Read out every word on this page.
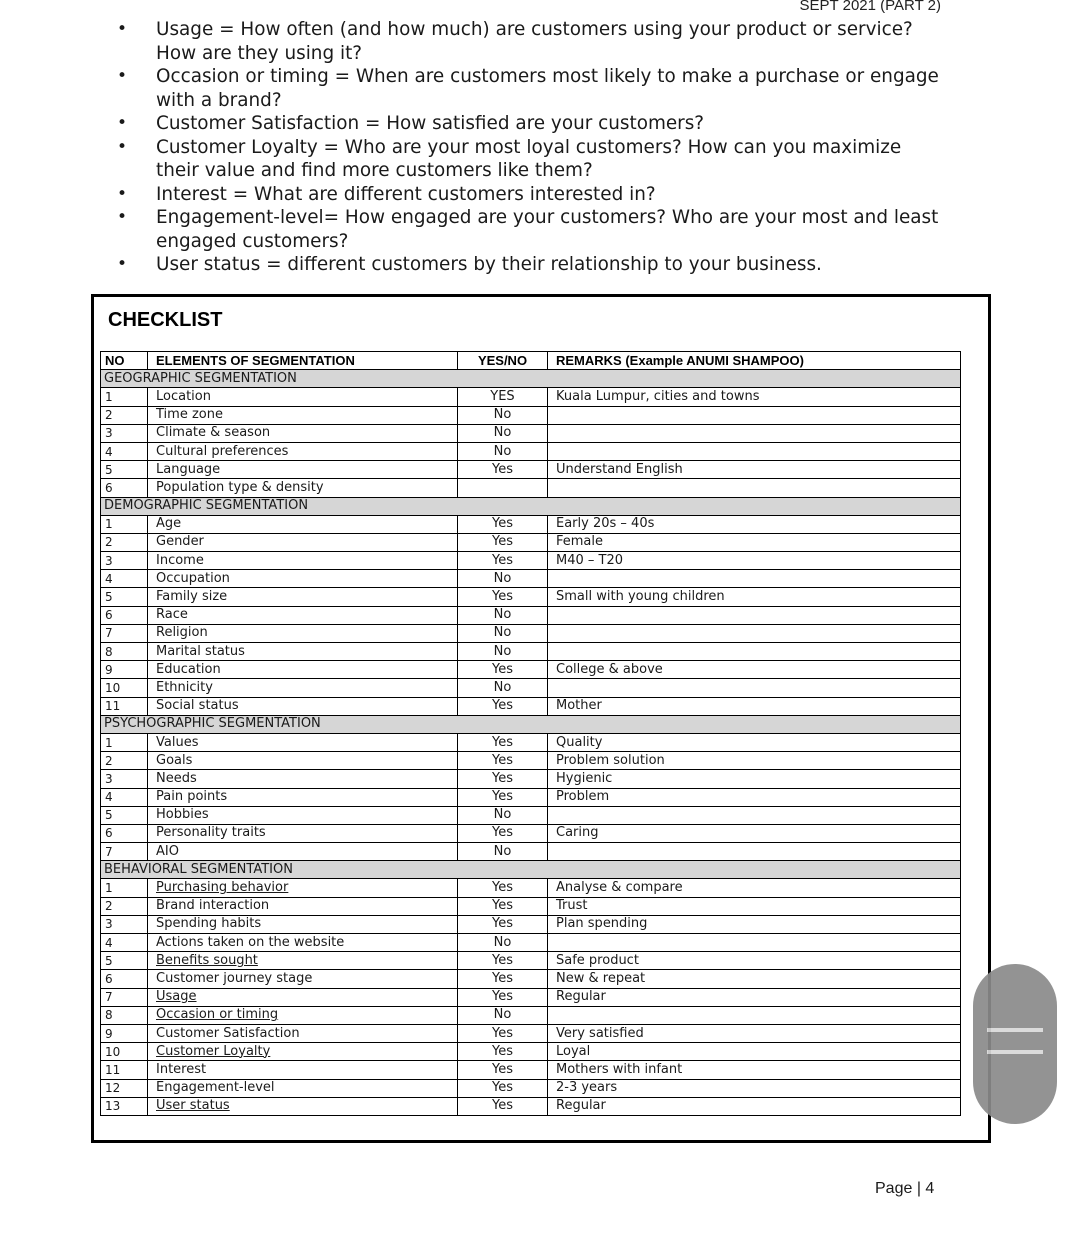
SEPT 2021 (PART 2)
• Usage = How often (and how much) are customers using your product or service? How are they using it?
• Occasion or timing = When are customers most likely to make a purchase or engage with a brand?
• Customer Satisfaction = How satisfied are your customers?
• Customer Loyalty = Who are your most loyal customers? How can you maximize their value and find more customers like them?
• Interest = What are different customers interested in?
• Engagement-level= How engaged are your customers? Who are your most and least engaged customers?
• User status = different customers by their relationship to your business.
CHECKLIST
NO	ELEMENTS OF SEGMENTATION	YES/NO	REMARKS (Example ANUMI SHAMPOO)
GEOGRAPHIC SEGMENTATION			
1	Location	YES	Kuala Lumpur, cities and towns
2	Time zone	No	
3	Climate & season	No	
4	Cultural preferences	No	
5	Language	Yes	Understand English
6	Population type & density		
DEMOGRAPHIC SEGMENTATION			
1	Age	Yes	Early 20s – 40s
2	Gender	Yes	Female
3	Income	Yes	M40 – T20
4	Occupation	No	
5	Family size	Yes	Small with young children
6	Race	No	
7	Religion	No	
8	Marital status	No	
9	Education	Yes	College & above
10	Ethnicity	No	
11	Social status	Yes	Mother
PSYCHOGRAPHIC SEGMENTATION			
1	Values	Yes	Quality
2	Goals	Yes	Problem solution
3	Needs	Yes	Hygienic
4	Pain points	Yes	Problem
5	Hobbies	No	
6	Personality traits	Yes	Caring
7	AIO	No	
BEHAVIORAL SEGMENTATION			
1	Purchasing behavior	Yes	Analyse & compare
2	Brand interaction	Yes	Trust
3	Spending habits	Yes	Plan spending
4	Actions taken on the website	No	
5	Benefits sought	Yes	Safe product
6	Customer journey stage	Yes	New & repeat
7	Usage	Yes	Regular
8	Occasion or timing	No	
9	Customer Satisfaction	Yes	Very satisfied
10	Customer Loyalty	Yes	Loyal
11	Interest	Yes	Mothers with infant
12	Engagement-level	Yes	2-3 years
13	User status	Yes	Regular
Page | 4
